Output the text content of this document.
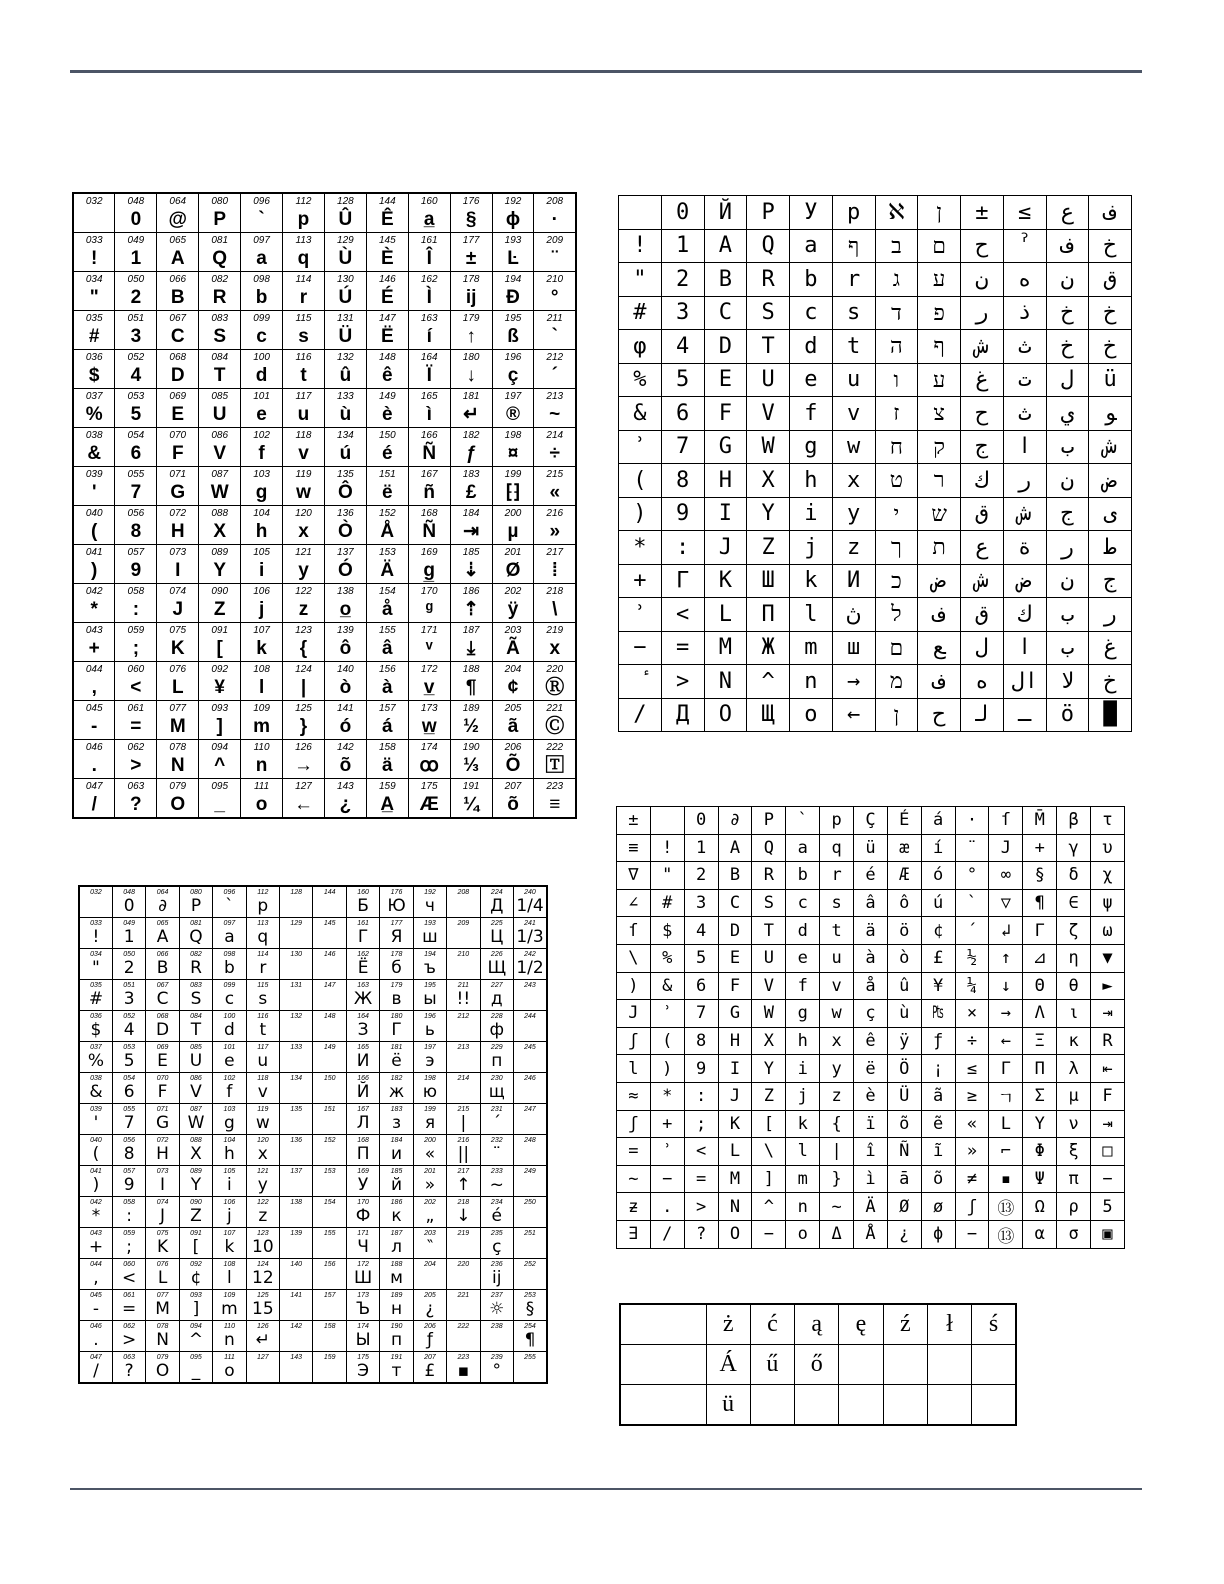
032	048
0	064
@	080
P	096
`	112
p	128
Û	144
Ê	160
a̲	176
§	192
ɸ	208
·

033
!	049
1	065
A	081
Q	097
a	113
q	129
Ù	145
È	161
Î	177
±	193
Ŀ	209
¨

034
"	050
2	066
B	082
R	098
b	114
r	130
Ú	146
É	162
Ì	178
ĳ	194
Đ	210
°

035
#	051
3	067
C	083
S	099
c	115
s	131
Ü	147
Ë	163
í	179
↑	195
ß	211
`

036
$	052
4	068
D	084
T	100
d	116
t	132
û	148
ê	164
Ï	180
↓	196
ç	212
´

037
%	053
5	069
E	085
U	101
e	117
u	133
ù	149
è	165
ì	181
↵	197
®	213
~

038
&	054
6	070
F	086
V	102
f	118
v	134
ú	150
é	166
Ñ	182
ƒ	198
¤	214
÷

039
'	055
7	071
G	087
W	103
g	119
w	135
Ô	151
ë	167
ñ	183
£	199
⁅⁆	215
«

040
(	056
8	072
H	088
X	104
h	120
x	136
Ò	152
Å	168
Ñ	184
⇥	200
µ	216
»

041
)	057
9	073
I	089
Y	105
i	121
y	137
Ó	153
Ä	169
g̲	185
⇣	201
Ø	217
⁞

042
*	058
:	074
J	090
Z	106
j	122
z	138
o̲	154
å	170
ᵍ	186
⇡	202
ÿ	218
\

043
+	059
;	075
K	091
[	107
k	123
{	139
ô	155
â	171
ᵛ	187
⤓	203
Ã	219
x

044
,	060
<	076
L	092
¥	108
l	124
|	140
ò	156
à	172
v̲	188
¶	204
¢	220
Ⓡ

045
-	061
=	077
M	093
]	109
m	125
}	141
ó	157
á	173
w̲	189
½	205
ã	221
Ⓒ

046
.	062
>	078
N	094
^	110
n	126
→	142
õ	158
ä	174
ꝏ	190
⅓	206
Õ	222
🅃

047
/	063
?	079
O	095
_	111
o	127
←	143
¿	159
A̲	175
Æ	191
¼	207
õ	223
≡
032	048
0	064
∂	080
P	096
`	112
p	128	144	160
Б	176
Ю	192
ч	208	224
Д	240
1/4

033
!	049
1	065
A	081
Q	097
a	113
q	129	145	161
Г	177
Я	193
ш	209	225
Ц	241
1/3

034
"	050
2	066
B	082
R	098
b	114
r	130	146	162
Ë	178
б	194
ъ	210	226
Щ	242
1/2

035
#	051
3	067
C	083
S	099
c	115
s	131	147	163
Ж	179
в	195
ы	211
!!	227
д	243

036
$	052
4	068
D	084
T	100
d	116
t	132	148	164
З	180
Г	196
ь	212	228
ф	244

037
%	053
5	069
E	085
U	101
e	117
u	133	149	165
И	181
ё	197
э	213	229
п	245

038
&	054
6	070
F	086
V	102
f	118
v	134	150	166
Й	182
ж	198
ю	214	230
щ	246

039
'	055
7	071
G	087
W	103
g	119
w	135	151	167
Л	183
з	199
я	215
|	231
´	247

040
(	056
8	072
H	088
X	104
h	120
x	136	152	168
П	184
и	200
«	216
||	232
¨	248

041
)	057
9	073
I	089
Y	105
i	121
y	137	153	169
У	185
й	201
»	217
↑	233
~	249

042
*	058
:	074
J	090
Z	106
j	122
z	138	154	170
Ф	186
к	202
„	218
↓	234
é	250

043
+	059
;	075
K	091
[	107
k	123
10	139	155	171
Ч	187
л	203
‶	219	235
ç	251

044
,	060
<	076
L	092
¢	108
l	124
12	140	156	172
Ш	188
м	204	220	236
ij	252

045
-	061
=	077
M	093
]	109
m	125
15	141	157	173
Ъ	189
н	205
¿	221	237
☼	253
§

046
.	062
>	078
N	094
^	110
n	126
↵	142	158	174
Ы	190
п	206
ƒ	222	238	254
¶

047
/	063
?	079
O	095
_	111
o	127	143	159	175
Э	191
т	207
£	223
▪	239
°	255
	0	Й	P	У	p	ℵ	ן	±	≤	ع	ف
!	1	A	Q	a	ף	ב	ם	ح	ˀ	ف	خ
"	2	B	R	b	r	ג	ע	ن	ه	ن	ق
#	3	C	S	c	s	ד	פ	ر	ذ	خ	خ
φ	4	D	T	d	t	ה	ף	ش	ث	خ	خ
%	5	E	U	e	u	ו	ע	ﻍ	ت	ل	ü
&	6	F	V	f	v	ז	צ	ح	ث	ي	ﻮ
ʾ	7	G	W	g	w	ח	ק	ج	ا	ب	ش
(	8	H	X	h	x	ט	ר	ك	ر	ن	ض
)	9	I	Y	i	y	י	ש	ق	ش	ج	ى
*	:	J	Z	j	z	ך	ת	ع	ة	ر	ط
+	Γ	K	Ш	k	И	כ	ض	ش	ض	ن	ج
ʾ	<	L	П	l	ڽ	ל	ف	ق	ك	ب	ر
−	=	M	Ж	m	ш	ם	ﻊ	ل	ا	ب	غ
	>	N	^	n	→	מ	ﻑ	ﻩ	ال	ﻻ	خ
/	Д	O	Щ	o	←	ן	ﺡ	ﻟ	ـ	ö	█
±		0	∂	P	`	p	Ç	É	á	·	ſ	M̄	β	τ
≡	!	1	A	Q	a	q	ü	æ	í	¨	J	+	γ	υ
∇	"	2	B	R	b	r	é	Æ	ó	°	∞	§	δ	χ
∠	#	3	C	S	c	s	â	ô	ú	`	▽	¶	∈	ψ
ſ	$	4	D	T	d	t	ä	ö	¢	´	↲	Γ	ζ	ω
\	%	5	E	U	e	u	à	ò	£	½	↑	⊿	η	▼
)	&	6	F	V	f	v	å	û	¥	¼	↓	Θ	θ	►
J	ʾ	7	G	W	g	w	ç	ù	₧	×	→	Λ	ι	⇥
ʃ	(	8	H	X	h	x	ê	ÿ	ƒ	÷	←	Ξ	κ	R
l	)	9	I	Y	i	y	ë	Ö	¡	≤	Γ	Π	λ	⇤
≈	*	:	J	Z	j	z	è	Ü	ã	≥	ㄱ	Σ	μ	F
ʃ	+	;	K	[	k	{	ï	õ	ẽ	«	L	Υ	ν	⇥
=	ʾ	<	L	\	l	|	î	Ñ	ĩ	»	⌐	Φ	ξ	□
~	−	=	M	]	m	}	ì	ā	õ	≠	▪	Ψ	π	−
ƶ	.	>	N	^	n	~	Ä	Ø	ø	ʃ	⑬	Ω	ρ	5
∃	/	?	O	−	o	Δ	Å	¿	ϕ	−	⑬	α	σ	▣
	ż	ć	ą	ę	ź	ł	ś
	Á	ű	ő				
	ü						
